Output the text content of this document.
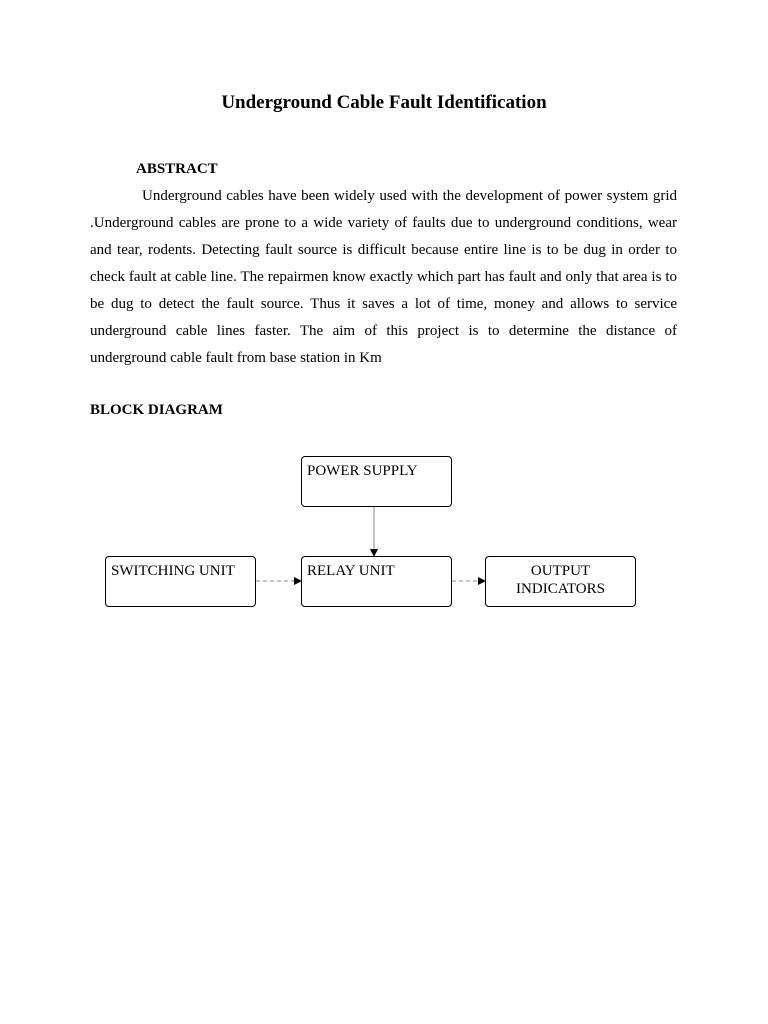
Underground Cable Fault Identification
ABSTRACT

Underground cables have been widely used with the development of power system grid .Underground cables are prone to a wide variety of faults due to underground conditions, wear and tear, rodents. Detecting fault source is difficult because entire line is to be dug in order to check fault at cable line. The repairmen know exactly which part has fault and only that area is to be dug to detect the fault source. Thus it saves a lot of time, money and allows to service underground cable lines faster. The aim of this project is to determine the distance of underground cable fault from base station in Km

BLOCK DIAGRAM
POWER SUPPLY
SWITCHING UNIT	RELAY UNIT	OUTPUT
INDICATORS
